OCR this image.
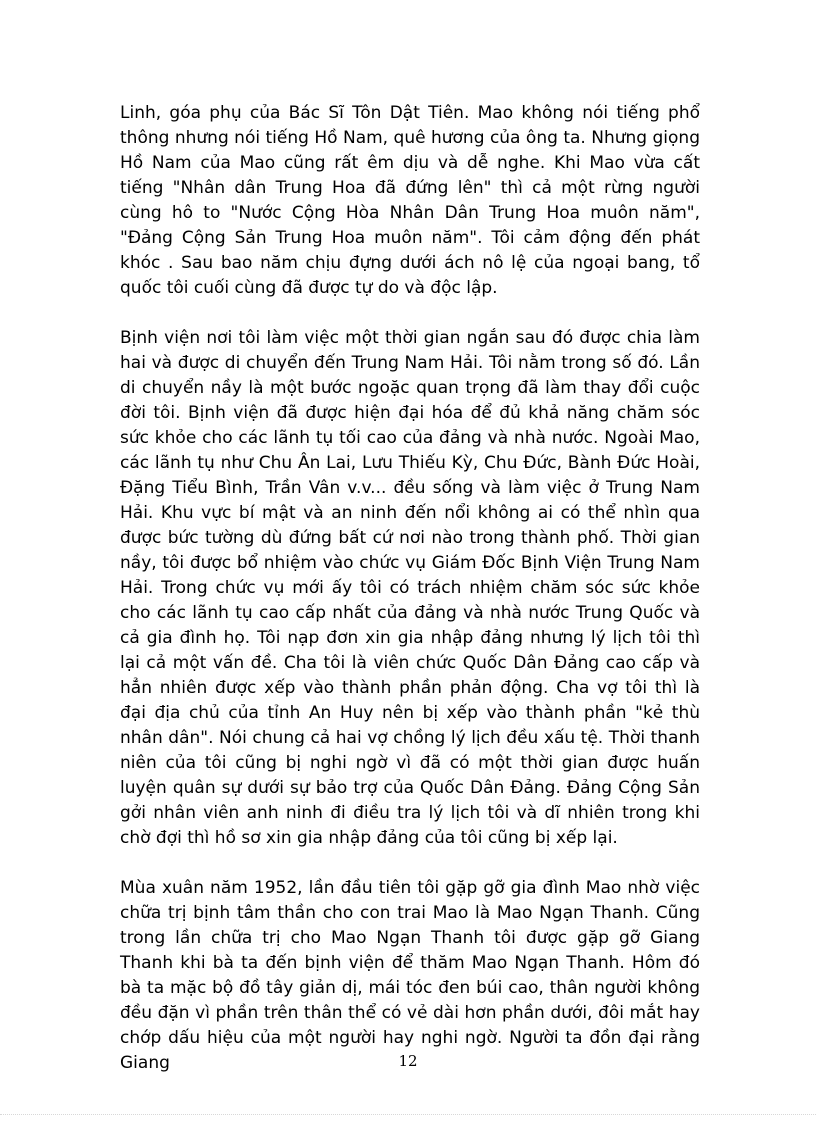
Linh, góa phụ của Bác Sĩ Tôn Dật Tiên. Mao không nói tiếng phổ thông nhưng nói tiếng Hồ Nam, quê hương của ông ta. Nhưng giọng Hồ Nam của Mao cũng rất êm dịu và dễ nghe. Khi Mao vừa cất tiếng "Nhân dân Trung Hoa đã đứng lên" thì cả một rừng người cùng hô to "Nước Cộng Hòa Nhân Dân Trung Hoa muôn năm", "Đảng Cộng Sản Trung Hoa muôn năm". Tôi cảm động đến phát khóc . Sau bao năm chịu đựng dưới ách nô lệ của ngoại bang, tổ quốc tôi cuối cùng đã được tự do và độc lập.

Bịnh viện nơi tôi làm việc một thời gian ngắn sau đó được chia làm hai và được di chuyển đến Trung Nam Hải. Tôi nằm trong số đó. Lần di chuyển nầy là một bước ngoặc quan trọng đã làm thay đổi cuộc đời tôi. Bịnh viện đã được hiện đại hóa để đủ khả năng chăm sóc sức khỏe cho các lãnh tụ tối cao của đảng và nhà nước. Ngoài Mao, các lãnh tụ như Chu Ân Lai, Lưu Thiếu Kỳ, Chu Đức, Bành Đức Hoài, Đặng Tiểu Bình, Trần Vân v.v... đều sống và làm việc ở Trung Nam Hải. Khu vực bí mật và an ninh đến nổi không ai có thể nhìn qua được bức tường dù đứng bất cứ nơi nào trong thành phố. Thời gian nầy, tôi được bổ nhiệm vào chức vụ Giám Đốc Bịnh Viện Trung Nam Hải. Trong chức vụ mới ấy tôi có trách nhiệm chăm sóc sức khỏe cho các lãnh tụ cao cấp nhất của đảng và nhà nước Trung Quốc và cả gia đình họ. Tôi nạp đơn xin gia nhập đảng nhưng lý lịch tôi thì lại cả một vấn đề. Cha tôi là viên chức Quốc Dân Đảng cao cấp và hẳn nhiên được xếp vào thành phần phản động. Cha vợ tôi thì là đại địa chủ của tỉnh An Huy nên bị xếp vào thành phần "kẻ thù nhân dân". Nói chung cả hai vợ chồng lý lịch đều xấu tệ. Thời thanh niên của tôi cũng bị nghi ngờ vì đã có một thời gian được huấn luyện quân sự dưới sự bảo trợ của Quốc Dân Đảng. Đảng Cộng Sản gởi nhân viên anh ninh đi điều tra lý lịch tôi và dĩ nhiên trong khi chờ đợi thì hồ sơ xin gia nhập đảng của tôi cũng bị xếp lại.

Mùa xuân năm 1952, lần đầu tiên tôi gặp gỡ gia đình Mao nhờ việc chữa trị bịnh tâm thần cho con trai Mao là Mao Ngạn Thanh. Cũng trong lần chữa trị cho Mao Ngạn Thanh tôi được gặp gỡ Giang Thanh khi bà ta đến bịnh viện để thăm Mao Ngạn Thanh. Hôm đó bà ta mặc bộ đồ tây giản dị, mái tóc đen búi cao, thân người không đều đặn vì phần trên thân thể có vẻ dài hơn phần dưới, đôi mắt hay chớp dấu hiệu của một người hay nghi ngờ. Người ta đồn đại rằng Giang	12
